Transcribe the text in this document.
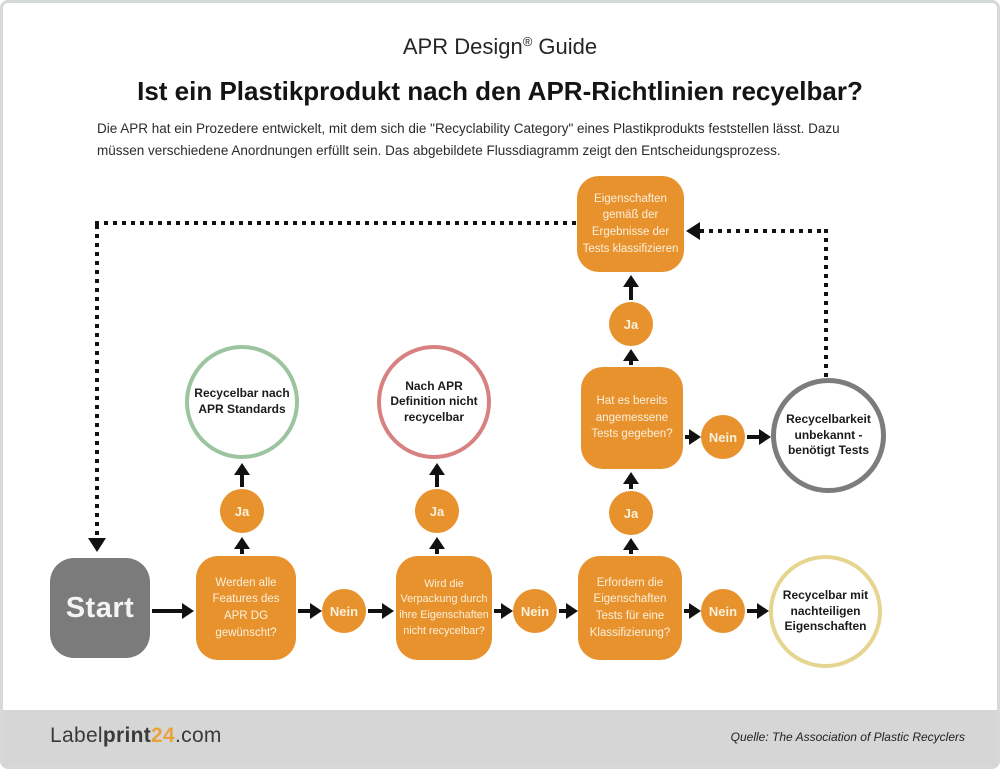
APR Design® Guide
Ist ein Plastikprodukt nach den APR-Richtlinien recyelbar?
Die APR hat ein Prozedere entwickelt, mit dem sich die "Recyclability Category" eines Plastikprodukts feststellen lässt. Dazu
müssen verschiedene Anordnungen erfüllt sein. Das abgebildete Flussdiagramm zeigt den Entscheidungsprozess.
Start
Werden alle Features des APR DG gewünscht?
Wird die Verpackung durch ihre Eigenschaften nicht recycelbar?
Erfordern die Eigenschaften Tests für eine Klassifizierung?
Hat es bereits angemessene Tests gegeben?
Eigenschaften gemäß der Ergebnisse der Tests klassifizieren
Recycelbar nach APR Standards
Nach APR Definition nicht recycelbar	Recycelbarkeit unbekannt - benötigt Tests
Recycelbar mit nachteiligen Eigenschaften
Ja	Ja	Ja
Ja
Nein	Nein	Nein
Nein
Labelprint24.com	Quelle: The Association of Plastic Recyclers
